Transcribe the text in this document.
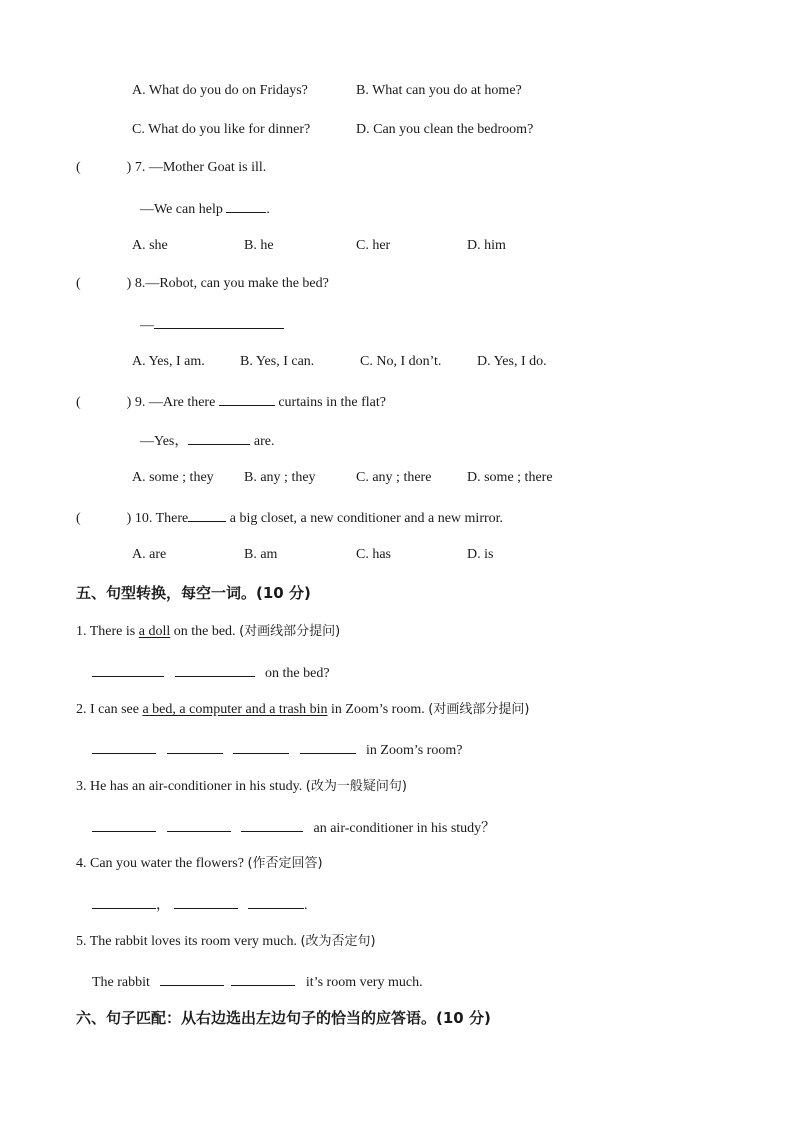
A. What do you do on Fridays?	B. What can you do at home?
C. What do you like for dinner?	D. Can you clean the bedroom?
(	) 7. —Mother Goat is ill.
—We can help	.
A. she	B. he	C. her	D. him
(	) 8.—Robot, can you make the bed?
—
A. Yes, I am.	B. Yes, I can.	C. No, I don’t.	D. Yes, I do.
(	) 9. —Are there	curtains in the flat?
—Yes，	are.
A. some ; they B. any ; they	C. any ; there	D. some ; there
(	) 10. There	a big closet, a new conditioner and a new mirror.
A. are	B. am	C. has	D. is
五、句型转换，每空一词。(10 分)
1. There is a doll on the bed. (对画线部分提问)
on the bed?
2. I can see a bed, a computer and a trash bin in Zoom’s room. (对画线部分提问)
in Zoom’s room?
3. He has an air-conditioner in his study. (改为一般疑问句)
an air-conditioner in his study？
4. Can you water the flowers? (作否定回答)
，	.
5. The rabbit loves its room very much. (改为否定句)
The rabbit	it’s room very much.
六、句子匹配：从右边选出左边句子的恰当的应答语。(10 分)
